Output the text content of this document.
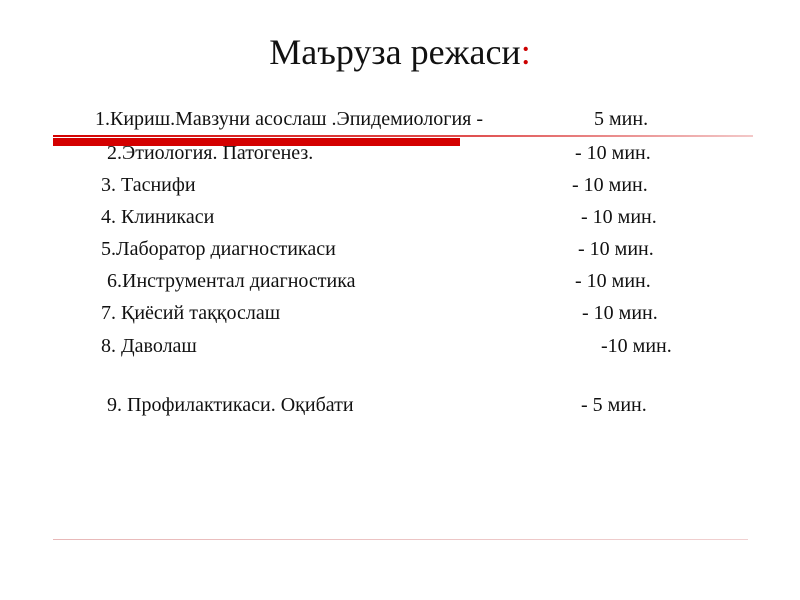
Маъруза режаси:
1.Кириш.Мавзуни асослаш .Эпидемиология -	5 мин.
2.Этиология. Патогенез.	- 10 мин.
3. Таснифи	- 10 мин.
4. Клиникаси	- 10 мин.
5.Лаборатор диагностикаси	- 10 мин.
6.Инструментал диагностика	- 10 мин.
7. Қиёсий таққослаш	- 10 мин.
8. Даволаш	-10 мин.
9. Профилактикаси. Оқибати	- 5 мин.
